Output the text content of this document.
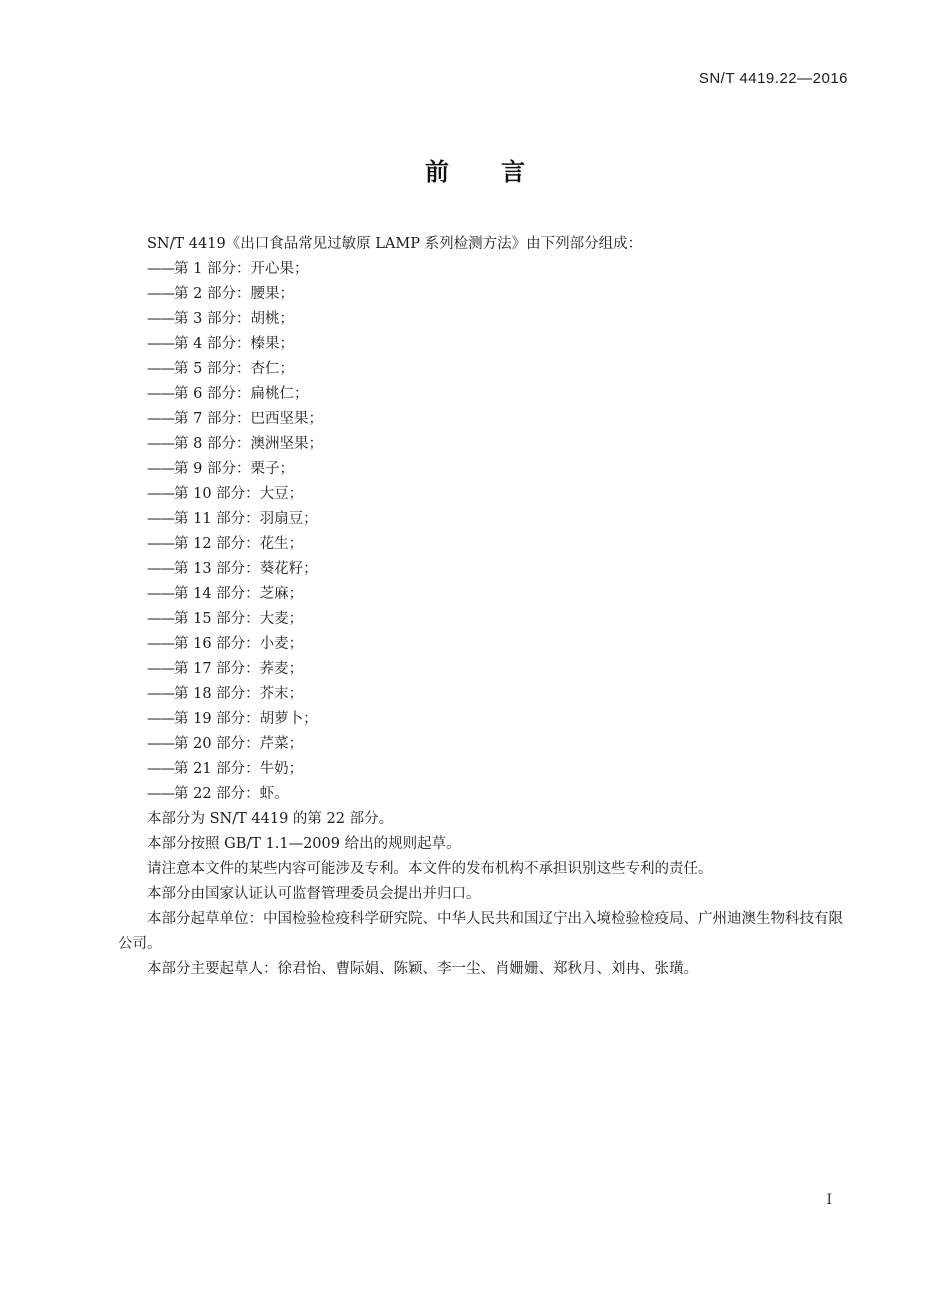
SN/T 4419.22—2016
前言

SN/T 4419《出口食品常见过敏原 LAMP 系列检测方法》由下列部分组成：

——第 1 部分：开心果；
——第 2 部分：腰果；
——第 3 部分：胡桃；
——第 4 部分：榛果；
——第 5 部分：杏仁；
——第 6 部分：扁桃仁；
——第 7 部分：巴西坚果；
——第 8 部分：澳洲坚果；
——第 9 部分：栗子；
——第 10 部分：大豆；
——第 11 部分：羽扇豆；
——第 12 部分：花生；
——第 13 部分：葵花籽；
——第 14 部分：芝麻；
——第 15 部分：大麦；
——第 16 部分：小麦；
——第 17 部分：荞麦；
——第 18 部分：芥末；
——第 19 部分：胡萝卜；
——第 20 部分：芹菜；
——第 21 部分：牛奶；
——第 22 部分：虾。

本部分为 SN/T 4419 的第 22 部分。

本部分按照 GB/T 1.1—2009 给出的规则起草。

请注意本文件的某些内容可能涉及专利。本文件的发布机构不承担识别这些专利的责任。

本部分由国家认证认可监督管理委员会提出并归口。

本部分起草单位：中国检验检疫科学研究院、中华人民共和国辽宁出入境检验检疫局、广州迪澳生物科技有限公司。

本部分主要起草人：徐君怡、曹际娟、陈颖、李一尘、肖姗姗、郑秋月、刘冉、张璜。

I
